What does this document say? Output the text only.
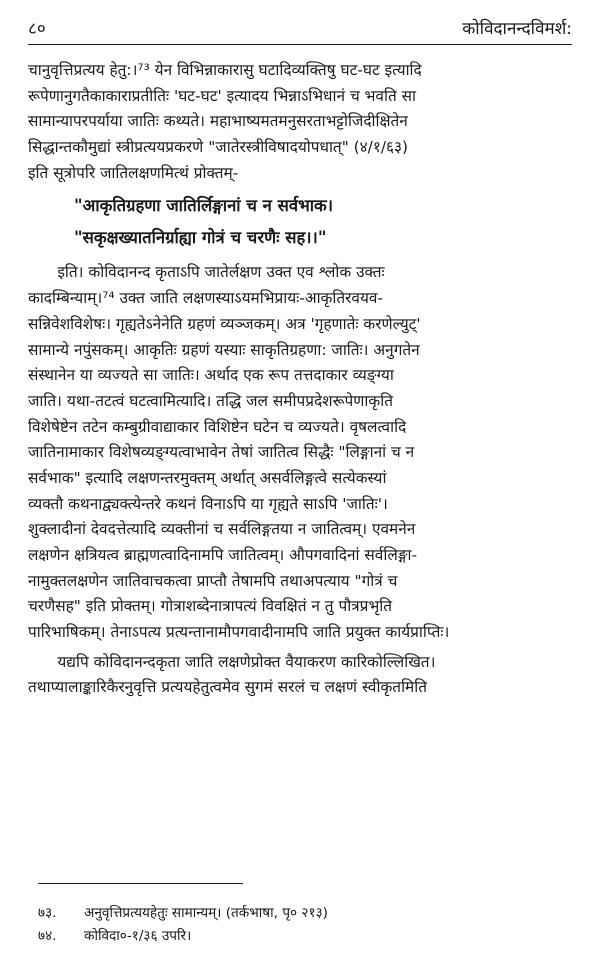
८०	कोविदानन्दविमर्श:
चानुवृत्तिप्रत्यय हेतु:।⁷³ येन विभिन्नाकारासु घटादिव्यक्तिषु घट-घट इत्यादि
रूपेणानुगतैकाकाराप्रतीतिः 'घट-घट' इत्यादय भिन्नाऽभिधानं च भवति सा
सामान्यापरपर्याया जातिः कथ्यते। महाभाष्यमतमनुसरताभट्टोजिदीक्षितेन
सिद्धान्तकौमुद्यां स्त्रीप्रत्ययप्रकरणे "जातेरस्त्रीविषादयोपधात्" (४/१/६३)
इति सूत्रोपरि जातिलक्षणमित्थं प्रोक्तम्-
"आकृतिग्रहणा जातिर्लिङ्गानां च न सर्वभाक।
"सकृक्षख्यातनिर्ग्राह्या गोत्रं च चरणैः सह।।"
इति। कोविदानन्द कृताऽपि जातेर्लक्षण उक्त एव श्लोक उक्तः
कादम्बिन्याम्।⁷⁴ उक्त जाति लक्षणस्याऽयमभिप्रायः-आकृतिरवयव-
सन्निवेशविशेषः। गृह्यतेऽनेनेति ग्रहणं व्यञ्जकम्। अत्र 'गृहणातेः करणेल्युट्'
सामान्ये नपुंसकम्। आकृतिः ग्रहणं यस्याः साकृतिग्रहणा: जातिः। अनुगतेन
संस्थानेन या व्यज्यते सा जातिः। अर्थाद एक रूप तत्तदाकार व्यङ्ग्या
जाति। यथा-तटत्वं घटत्वामित्यादि। तद्धि जल समीपप्रदेशरूपेणाकृति
विशेषेष्टेन तटेन कम्बुग्रीवाद्याकार विशिष्टेन घटेन च व्यज्यते। वृषलत्वादि
जातिनामाकार विशेषव्यङ्ग्यत्वाभावेन तेषां जातित्व सिद्धैः "लिङ्गानां च न
सर्वभाक" इत्यादि लक्षणन्तरमुक्तम् अर्थात् असर्वलिङ्गत्वे सत्येकस्यां
व्यक्तौ कथनाद्व्यक्त्येन्तरे कथनं विनाऽपि या गृह्यते साऽपि 'जातिः'।
शुक्लादीनां देवदत्तेत्यादि व्यक्तीनां च सर्वलिङ्गतया न जातित्वम्। एवमनेन
लक्षणेन क्षत्रियत्व ब्राह्मणत्वादिनामपि जातित्वम्। औपगवादिनां सर्वलिङ्गा-
नामुक्तलक्षणेन जातिवाचकत्वा प्राप्तौ तेषामपि तथाअपत्याय "गोत्रं च
चरणैसह" इति प्रोक्तम्। गोत्राशब्देनात्रापत्यं विवक्षितं न तु पौत्रप्रभृति
पारिभाषिकम्। तेनाऽपत्य प्रत्यन्तानामौपगवादीनामपि जाति प्रयुक्त कार्यप्राप्तिः।
यद्यपि कोविदानन्दकृता जाति लक्षणेप्रोक्त वैयाकरण कारिकोल्लिखित।
तथाप्यालाङ्कारिकैरनुवृत्ति प्रत्ययहेतुत्वमेव सुगमं सरलं च लक्षणं स्वीकृतमिति
७३. अनुवृत्तिप्रत्ययहेतुः सामान्यम्। (तर्कभाषा, पृ० २१३)
७४. कोविदा०-१/३६ उपरि।
